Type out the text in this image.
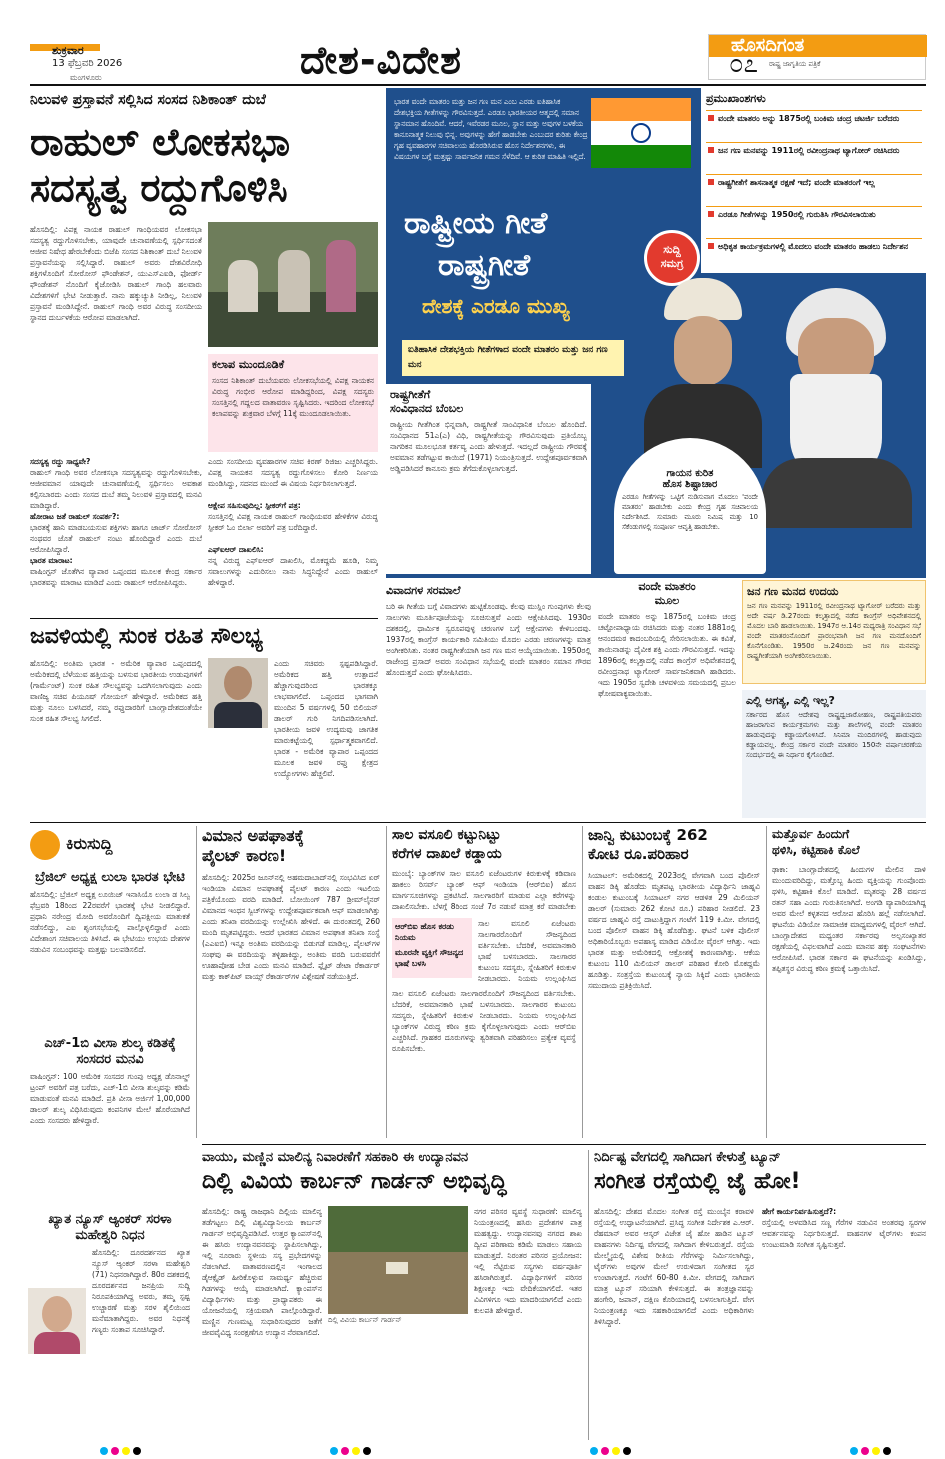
ಶುಕ್ರವಾರ
13 ಫೆಬ್ರವರಿ 2026
ಮಂಗಳೂರು	ದೇಶ-ವಿದೇಶ	ಹೊಸದಿಗಂತ
ರಾಷ್ಟ್ರ ಜಾಗೃತಿಯ ಪತ್ರಿಕೆ
೦೭
ನಿಲುವಳಿ ಪ್ರಸ್ತಾವನೆ ಸಲ್ಲಿಸಿದ ಸಂಸದ ನಿಶಿಕಾಂತ್ ದುಬೆ
ರಾಹುಲ್ ಲೋಕಸಭಾ
ಸದಸ್ಯತ್ವ ರದ್ದುಗೊಳಿಸಿ
ಹೊಸದಿಲ್ಲಿ: ವಿಪಕ್ಷ ನಾಯಕ ರಾಹುಲ್ ಗಾಂಧಿಯವರ ಲೋಕಸಭಾ ಸದಸ್ಯತ್ವ ರದ್ದುಗೊಳಿಸಬೇಕು, ಯಾವುದೇ ಚುನಾವಣೆಯಲ್ಲಿ ಸ್ಪರ್ಧಿಸದಂತೆ ಆಜೀವ ನಿಷೇಧ ಹೇರಬೇಕೆಂದು ಬಿಜೆಪಿ ಸಂಸದ ನಿಶಿಕಾಂತ್ ದುಬೆ ನಿಲುವಳಿ ಪ್ರಸ್ತಾವನೆಯನ್ನು ಸಲ್ಲಿಸಿದ್ದಾರೆ. ರಾಹುಲ್ ಅವರು ದೇಶವಿರೋಧಿ ಶಕ್ತಿಗಳೊಂದಿಗೆ ಸೋರೋಸ್ ಫೌಂಡೇಶನ್, ಯುಎಸ್‌ಎಐಡಿ, ಫೋರ್ಡ್ ಫೌಂಡೇಶನ್ ನೊಂದಿಗೆ ಕೈಜೋಡಿಸಿ ರಾಹುಲ್ ಗಾಂಧಿ ಹಲವಾರು ವಿದೇಶಗಳಿಗೆ ಭೇಟಿ ನೀಡುತ್ತಾರೆ. ನಾನು ಹಕ್ಕುಚ್ಯುತಿ ನೀಡಿಲ್ಲ, ನಿಲುವಳಿ ಪ್ರಸ್ತಾವನೆ ಮಂಡಿಸಿದ್ದೇನೆ. ರಾಹುಲ್ ಗಾಂಧಿ ಅವರ ವಿರುದ್ಧ ಸಂಸದೀಯ ಸ್ಥಾನದ ದುರ್ಬಳಕೆಯ ಆರೋಪ ಮಾಡಲಾಗಿದೆ.
ಕಲಾಪ ಮುಂದೂಡಿಕೆ
ಸಂಸದ ನಿಶಿಕಾಂತ್ ದುಬೆಯವರು ಲೋಕಸಭೆಯಲ್ಲಿ ವಿಪಕ್ಷ ನಾಯಕನ ವಿರುದ್ಧ ಗಂಭೀರ ಆರೋಪ ಮಾಡಿದ್ದರಿಂದ, ವಿಪಕ್ಷ ಸದಸ್ಯರು ಸಂಸತ್ತಿನಲ್ಲಿ ಗದ್ದಲದ ವಾತಾವರಣ ಸೃಷ್ಟಿಸಿದರು. ಇದರಿಂದ ಲೋಕಸಭೆ ಕಲಾಪವನ್ನು ಶುಕ್ರವಾರ ಬೆಳಗ್ಗೆ 11ಕ್ಕೆ ಮುಂದೂಡಲಾಯಿತು.
ಸದಸ್ಯತ್ವ ರದ್ದು ಸಾಧ್ಯವೇ?
ರಾಹುಲ್ ಗಾಂಧಿ ಅವರ ಲೋಕಸಭಾ ಸದಸ್ಯತ್ವವನ್ನು ರದ್ದುಗೊಳಿಸಬೇಕು, ಆಜೀವಮಾನ ಯಾವುದೇ ಚುನಾವಣೆಯಲ್ಲಿ ಸ್ಪರ್ಧಿಸಲು ಅವಕಾಶ ಕಲ್ಪಿಸಬಾರದು ಎಂದು ಸಂಸದ ದುಬೆ ತಮ್ಮ ನಿಲುವಳಿ ಪ್ರಸ್ತಾವದಲ್ಲಿ ಮನವಿ ಮಾಡಿದ್ದಾರೆ.
ಹೋರಾಟ ಜತೆ ರಾಹುಲ್ ಸಂಪರ್ಕ?:
ಭಾರತಕ್ಕೆ ಹಾನಿ ಮಾಡಬಯಸುವ ಶಕ್ತಿಗಳು ಹಾಗೂ ಜಾರ್ಜ್ ಸೋರೋಸ್ ನಂಥವರ ಜೊತೆ ರಾಹುಲ್ ನಂಟು ಹೊಂದಿದ್ದಾರೆ ಎಂದು ದುಬೆ ಆರೋಪಿಸಿದ್ದಾರೆ.
ಭಾರತ ಮಾರಾಟ:
ವಾಷಿಂಗ್ಟನ್ ಜೊತೆಗಿನ ವ್ಯಾಪಾರ ಒಪ್ಪಂದದ ಮೂಲಕ ಕೇಂದ್ರ ಸರ್ಕಾರ ಭಾರತವನ್ನು ಮಾರಾಟ ಮಾಡಿದೆ ಎಂದು ರಾಹುಲ್ ಆರೋಪಿಸಿದ್ದರು.
ಎಂದು ಸಂಸದೀಯ ವ್ಯವಹಾರಗಳ ಸಚಿವ ಕಿರಣ್ ರಿಜಿಜು ಎಚ್ಚರಿಸಿದ್ದರು. ವಿಪಕ್ಷ ನಾಯಕನ ಸದಸ್ಯತ್ವ ರದ್ದುಗೊಳಿಸಲು ಕೋರಿ ನಿರ್ಣಯ ಮಂಡಿಸಿದ್ದು, ಸದನದ ಮುಂದೆ ಈ ವಿಷಯ ನಿರ್ಧರಿಸಲಾಗುತ್ತದೆ.
ಆಕ್ಷೇಪ ಸಹಿಸುವುದಿಲ್ಲ: ಸ್ಪೀಕರ್‌ಗೆ ಪತ್ರ:
ಸಂಸತ್ತಿನಲ್ಲಿ ವಿಪಕ್ಷ ನಾಯಕ ರಾಹುಲ್ ಗಾಂಧಿಯವರ ಹೇಳಿಕೆಗಳ ವಿರುದ್ಧ ಸ್ಪೀಕರ್ ಓಂ ಬಿರ್ಲಾ ಅವರಿಗೆ ಪತ್ರ ಬರೆದಿದ್ದಾರೆ.
ಎಫ್‌ಐಆರ್ ದಾಖಲಿಸಿ:
ನನ್ನ ವಿರುದ್ಧ ಎಫ್‌ಐಆರ್ ದಾಖಲಿಸಿ, ಮೊಕದ್ದಮೆ ಹೂಡಿ, ನಿಮ್ಮ ಸವಾಲುಗಳನ್ನು ಎದುರಿಸಲು ನಾನು ಸಿದ್ಧನಿದ್ದೇನೆ ಎಂದು ರಾಹುಲ್ ಹೇಳಿದ್ದಾರೆ.
ಜವಳಿಯಲ್ಲಿ ಸುಂಕ ರಹಿತ ಸೌಲಭ್ಯ
ಹೊಸದಿಲ್ಲಿ: ಅಂತಿಮ ಭಾರತ - ಅಮೆರಿಕ ವ್ಯಾಪಾರ ಒಪ್ಪಂದದಲ್ಲಿ ಅಮೆರಿಕದಲ್ಲಿ ಬೆಳೆಯುವ ಹತ್ತಿಯನ್ನು ಬಳಸುವ ಭಾರತೀಯ ಉಡುಪುಗಳಿಗೆ (ಗಾರ್ಮೆಂಟ್) ಸುಂಕ ರಹಿತ ಸೌಲಭ್ಯವನ್ನು ಒದಗಿಸಲಾಗುವುದು ಎಂದು ವಾಣಿಜ್ಯ ಸಚಿವ ಪಿಯೂಷ್ ಗೋಯಲ್ ಹೇಳಿದ್ದಾರೆ. ಅಮೆರಿಕದ ಹತ್ತಿ ಮತ್ತು ನೂಲು ಬಳಸಿದರೆ, ನಮ್ಮ ರಫ್ತುದಾರರಿಗೆ ಬಾಂಗ್ಲಾದೇಶದಂತೆಯೇ ಸುಂಕ ರಹಿತ ಸೌಲಭ್ಯ ಸಿಗಲಿದೆ.
ಎಂದು ಸಚಿವರು ಸ್ಪಷ್ಟಪಡಿಸಿದ್ದಾರೆ. ಅಮೆರಿಕದ ಹತ್ತಿ ಉತ್ಪಾದನೆ ಹೆಚ್ಚಾಗುವುದರಿಂದ ಭಾರತಕ್ಕೂ ಲಾಭವಾಗಲಿದೆ. ಒಪ್ಪಂದದ ಭಾಗವಾಗಿ ಮುಂದಿನ 5 ವರ್ಷಗಳಲ್ಲಿ 50 ಬಿಲಿಯನ್ ಡಾಲರ್ ಗುರಿ ನಿಗದಿಪಡಿಸಲಾಗಿದೆ. ಭಾರತೀಯ ಜವಳಿ ಉದ್ಯಮವು ಜಾಗತಿಕ ಮಾರುಕಟ್ಟೆಯಲ್ಲಿ ಸ್ಪರ್ಧಾತ್ಮಕವಾಗಲಿದೆ. ಭಾರತ - ಅಮೆರಿಕ ವ್ಯಾಪಾರ ಒಪ್ಪಂದದ ಮೂಲಕ ಜವಳಿ ರಫ್ತು ಕ್ಷೇತ್ರದ ಉದ್ಯೋಗಗಳು ಹೆಚ್ಚಲಿವೆ.
ಭಾರತ ವಂದೇ ಮಾತರಂ ಮತ್ತು ಜನ ಗಣ ಮನ ಎಂಬ ಎರಡು ಐತಿಹಾಸಿಕ ದೇಶಭಕ್ತಿಯ ಗೀತೆಗಳನ್ನು ಗೌರವಿಸುತ್ತದೆ. ಎರಡೂ ಭಾರತೀಯರ ಆತ್ಮದಲ್ಲಿ ಸಮಾನ ಸ್ಥಾನಮಾನ ಹೊಂದಿವೆ. ಆದರೆ, ಇವೆರಡರ ಮೂಲ, ಸ್ಥಾನ ಮತ್ತು ಅವುಗಳ ಬಳಕೆಯ ಕಾನೂನಾತ್ಮಕ ನಿಲುವು ಭಿನ್ನ. ಅವುಗಳನ್ನು ಹೇಗೆ ಹಾಡಬೇಕು ಎಂಬುದರ ಕುರಿತು ಕೇಂದ್ರ ಗೃಹ ವ್ಯವಹಾರಗಳ ಸಚಿವಾಲಯ ಹೊರಡಿಸಿರುವ ಹೊಸ ನಿರ್ದೇಶನಗಳು, ಈ ವಿಷಯಗಳ ಬಗ್ಗೆ ಮತ್ತಷ್ಟು ಸಾರ್ವಜನಿಕ ಗಮನ ಸೆಳೆದಿವೆ. ಆ ಕುರಿತ ಮಾಹಿತಿ ಇಲ್ಲಿದೆ.
ರಾಷ್ಟ್ರೀಯ ಗೀತೆ
ರಾಷ್ಟ್ರಗೀತೆ
ದೇಶಕ್ಕೆ ಎರಡೂ ಮುಖ್ಯ
ಸುದ್ದಿ
ಸಮಗ್ರ
ಐತಿಹಾಸಿಕ ದೇಶಭಕ್ತಿಯ ಗೀತೆಗಳಾದ ವಂದೇ ಮಾತರಂ ಮತ್ತು ಜನ ಗಣ ಮನ
ಪ್ರಮುಖಾಂಶಗಳು
ವಂದೇ ಮಾತರಂ ಅನ್ನು 1875ರಲ್ಲಿ ಬಂಕಿಮ ಚಂದ್ರ ಚಟರ್ಜಿ ಬರೆದರು
ಜನ ಗಣ ಮನವನ್ನು 1911ರಲ್ಲಿ ರವೀಂದ್ರನಾಥ ಟ್ಯಾಗೋರ್ ರಚಿಸಿದರು
ರಾಷ್ಟ್ರಗೀತೆಗೆ ಶಾಸನಾತ್ಮಕ ರಕ್ಷಣೆ ಇದೆ; ವಂದೇ ಮಾತರಂಗೆ ಇಲ್ಲ
ಎರಡೂ ಗೀತೆಗಳನ್ನು 1950ರಲ್ಲಿ ಗುರುತಿಸಿ ಗೌರವಿಸಲಾಯಿತು
ಅಧಿಕೃತ ಕಾರ್ಯಕ್ರಮಗಳಲ್ಲಿ ಮೊದಲು ವಂದೇ ಮಾತರಂ ಹಾಡಲು ನಿರ್ದೇಶನ
ರಾಷ್ಟ್ರಗೀತೆಗೆ
ಸಂವಿಧಾನದ ಬೆಂಬಲ
ರಾಷ್ಟ್ರೀಯ ಗೀತೆಗಿಂತ ಭಿನ್ನವಾಗಿ, ರಾಷ್ಟ್ರಗೀತೆ ಸಾಂವಿಧಾನಿಕ ಬೆಂಬಲ ಹೊಂದಿದೆ. ಸಂವಿಧಾನದ 51ಎ(ಎ) ವಿಧಿ, ರಾಷ್ಟ್ರಗೀತೆಯನ್ನು ಗೌರವಿಸುವುದು ಪ್ರತಿಯೊಬ್ಬ ನಾಗರಿಕನ ಮೂಲಭೂತ ಕರ್ತವ್ಯ ಎಂದು ಹೇಳುತ್ತದೆ. ಇದಲ್ಲದೆ ರಾಷ್ಟ್ರೀಯ ಗೌರವಕ್ಕೆ ಅವಮಾನ ತಡೆಗಟ್ಟುವ ಕಾಯಿದೆ (1971) ನಿಯಂತ್ರಿಸುತ್ತದೆ. ಉದ್ದೇಶಪೂರ್ವಕವಾಗಿ ಅಡ್ಡಿಪಡಿಸಿದರೆ ಕಾನೂನು ಕ್ರಮ ತೆಗೆದುಕೊಳ್ಳಲಾಗುತ್ತದೆ.	ಗಾಯನ ಕುರಿತ
ಹೊಸ ಶಿಷ್ಟಾಚಾರ
ಎರಡೂ ಗೀತೆಗಳನ್ನು ಒಟ್ಟಿಗೆ ನುಡಿಸುವಾಗ ಮೊದಲು 'ವಂದೇ ಮಾತರಂ' ಹಾಡಬೇಕು ಎಂದು ಕೇಂದ್ರ ಗೃಹ ಸಚಿವಾಲಯ ನಿರ್ದೇಶಿಸಿದೆ. ಸುಮಾರು ಮೂರು ನಿಮಿಷ ಮತ್ತು 10 ಸೆಕೆಂಡುಗಳಲ್ಲಿ ಸಂಪೂರ್ಣ ಆವೃತ್ತಿ ಹಾಡಬೇಕು.
ವಿವಾದಗಳ ಸರಮಾಲೆ
ಬರಿ ಈ ಗೀತೆಯ ಬಗ್ಗೆ ವಿವಾದಗಳು ಹುಟ್ಟಿಕೊಂಡವು. ಕೆಲವು ಮುಸ್ಲಿಂ ಗುಂಪುಗಳು ಕೆಲವು ಸಾಲುಗಳು ಮೂರ್ತಿಪೂಜೆಯನ್ನು ಸೂಚಿಸುತ್ತವೆ ಎಂದು ಆಕ್ಷೇಪಿಸಿದವು. 1930ರ ದಶಕದಲ್ಲಿ, ಧಾರ್ಮಿಕ ಸ್ವರೂಪವುಳ್ಳ ಚರಣಗಳ ಬಗ್ಗೆ ಆಕ್ಷೇಪಗಳು ಕೇಳಿಬಂದವು. 1937ರಲ್ಲಿ ಕಾಂಗ್ರೆಸ್ ಕಾರ್ಯಕಾರಿ ಸಮಿತಿಯು ಮೊದಲ ಎರಡು ಚರಣಗಳನ್ನು ಮಾತ್ರ ಅಂಗೀಕರಿಸಿತು. ನಂತರ ರಾಷ್ಟ್ರಗೀತೆಯಾಗಿ ಜನ ಗಣ ಮನ ಆಯ್ಕೆಯಾಯಿತು. 1950ರಲ್ಲಿ ರಾಜೇಂದ್ರ ಪ್ರಸಾದ್ ಅವರು ಸಂವಿಧಾನ ಸಭೆಯಲ್ಲಿ ವಂದೇ ಮಾತರಂ ಸಮಾನ ಗೌರವ ಹೊಂದುತ್ತದೆ ಎಂದು ಘೋಷಿಸಿದರು.
ವಂದೇ ಮಾತರಂ
ಮೂಲ
ವಂದೇ ಮಾತರಂ ಅನ್ನು 1875ರಲ್ಲಿ ಬಂಕಿಮ ಚಂದ್ರ ಚಟ್ಟೋಪಾಧ್ಯಾಯ ರಚಿಸಿದರು ಮತ್ತು ನಂತರ 1881ರಲ್ಲಿ ಆನಂದಮಠ ಕಾದಂಬರಿಯಲ್ಲಿ ಸೇರಿಸಲಾಯಿತು. ಈ ಕವಿತೆ, ತಾಯಿನಾಡನ್ನು ದೈವೀಕ ಶಕ್ತಿ ಎಂದು ಗೌರವಿಸುತ್ತದೆ. ಇದನ್ನು 1896ರಲ್ಲಿ ಕಲ್ಕತ್ತಾದಲ್ಲಿ ನಡೆದ ಕಾಂಗ್ರೆಸ್ ಅಧಿವೇಶನದಲ್ಲಿ ರವೀಂದ್ರನಾಥ ಟ್ಯಾಗೋರ್ ಸಾರ್ವಜನಿಕವಾಗಿ ಹಾಡಿದರು. ಇದು 1905ರ ಸ್ವದೇಶಿ ಚಳವಳಿಯ ಸಮಯದಲ್ಲಿ ಪ್ರಬಲ ಘೋಷವಾಕ್ಯವಾಯಿತು.
ಜನ ಗಣ ಮನದ ಉದಯ
ಜನ ಗಣ ಮನವನ್ನು 1911ರಲ್ಲಿ ರವೀಂದ್ರನಾಥ ಟ್ಯಾಗೋರ್ ಬರೆದರು ಮತ್ತು ಅದೇ ವರ್ಷ ಡಿ.27ರಂದು ಕಲ್ಕತ್ತಾದಲ್ಲಿ ನಡೆದ ಕಾಂಗ್ರೆಸ್ ಅಧಿವೇಶನದಲ್ಲಿ ಮೊದಲ ಬಾರಿ ಹಾಡಲಾಯಿತು. 1947ರ ಆ.14ರ ಮಧ್ಯರಾತ್ರಿ ಸಂವಿಧಾನ ಸಭೆ ವಂದೇ ಮಾತರಂನೊಂದಿಗೆ ಪ್ರಾರಂಭವಾಗಿ ಜನ ಗಣ ಮನದೊಂದಿಗೆ ಕೊನೆಗೊಂಡಿತು. 1950ರ ಜ.24ರಂದು ಜನ ಗಣ ಮನವನ್ನು ರಾಷ್ಟ್ರಗೀತೆಯಾಗಿ ಅಂಗೀಕರಿಸಲಾಯಿತು.
ಎಲ್ಲಿ ಅಗತ್ಯ, ಎಲ್ಲಿ ಇಲ್ಲ?
ಸರ್ಕಾರದ ಹೊಸ ಆದೇಶವು ರಾಷ್ಟ್ರಧ್ವಜಾರೋಹಣ, ರಾಷ್ಟ್ರಪತಿಯವರು ಹಾಜರಾಗುವ ಕಾರ್ಯಕ್ರಮಗಳು ಮತ್ತು ಶಾಲೆಗಳಲ್ಲಿ ವಂದೇ ಮಾತರಂ ಹಾಡುವುದನ್ನು ಕಡ್ಡಾಯಗೊಳಿಸಿದೆ. ಸಿನಿಮಾ ಮಂದಿರಗಳಲ್ಲಿ ಹಾಡುವುದು ಕಡ್ಡಾಯವಲ್ಲ. ಕೇಂದ್ರ ಸರ್ಕಾರ ವಂದೇ ಮಾತರಂ 150ನೇ ವರ್ಷಾಚರಣೆಯ ಸಂದರ್ಭದಲ್ಲಿ ಈ ನಿರ್ಧಾರ ಕೈಗೊಂಡಿದೆ.
ಕಿರುಸುದ್ದಿ
ಬ್ರೆಜಿಲ್ ಅಧ್ಯಕ್ಷ ಲುಲಾ ಭಾರತ ಭೇಟಿ
ಹೊಸದಿಲ್ಲಿ: ಬ್ರೆಜಿಲ್ ಅಧ್ಯಕ್ಷ ಲೂಯಿಜ್ ಇನಾಸಿಯೊ ಲುಲಾ ಡ ಸಿಲ್ವ ಫೆಬ್ರವರಿ 18ರಿಂದ 22ರವರೆಗೆ ಭಾರತಕ್ಕೆ ಭೇಟಿ ನೀಡಲಿದ್ದಾರೆ. ಪ್ರಧಾನಿ ನರೇಂದ್ರ ಮೋದಿ ಅವರೊಂದಿಗೆ ದ್ವಿಪಕ್ಷೀಯ ಮಾತುಕತೆ ನಡೆಸಲಿದ್ದು, ಎಐ ಶೃಂಗಸಭೆಯಲ್ಲಿ ಪಾಲ್ಗೊಳ್ಳಲಿದ್ದಾರೆ ಎಂದು ವಿದೇಶಾಂಗ ಸಚಿವಾಲಯ ತಿಳಿಸಿದೆ. ಈ ಭೇಟಿಯು ಉಭಯ ದೇಶಗಳ ನಡುವಿನ ಸಂಬಂಧವನ್ನು ಮತ್ತಷ್ಟು ಬಲಪಡಿಸಲಿದೆ.
ಎಚ್-1ಬಿ ವೀಸಾ ಶುಲ್ಕ ಕಡಿತಕ್ಕೆ ಸಂಸದರ ಮನವಿ
ವಾಷಿಂಗ್ಟನ್: 100 ಅಮೆರಿಕ ಸಂಸದರ ಗುಂಪು ಅಧ್ಯಕ್ಷ ಡೊನಾಲ್ಡ್ ಟ್ರಂಪ್ ಅವರಿಗೆ ಪತ್ರ ಬರೆದು, ಎಚ್-1ಬಿ ವೀಸಾ ಶುಲ್ಕವನ್ನು ಕಡಿಮೆ ಮಾಡುವಂತೆ ಮನವಿ ಮಾಡಿದೆ. ಪ್ರತಿ ವೀಸಾ ಅರ್ಜಿಗೆ 1,00,000 ಡಾಲರ್ ಶುಲ್ಕ ವಿಧಿಸಿರುವುದು ಕಂಪನಿಗಳ ಮೇಲೆ ಹೊರೆಯಾಗಿದೆ ಎಂದು ಸಂಸದರು ಹೇಳಿದ್ದಾರೆ.
ಖ್ಯಾತ ನ್ಯೂಸ್ ಆ್ಯಂಕರ್ ಸರಳಾ ಮಹೇಶ್ವರಿ ನಿಧನ
ಹೊಸದಿಲ್ಲಿ: ದೂರದರ್ಶನದ ಖ್ಯಾತ ನ್ಯೂಸ್ ಆ್ಯಂಕರ್ ಸರಳಾ ಮಹೇಶ್ವರಿ (71) ನಿಧನರಾಗಿದ್ದಾರೆ. 80ರ ದಶಕದಲ್ಲಿ ದೂರದರ್ಶನದ ಜನಪ್ರಿಯ ಸುದ್ದಿ ನಿರೂಪಕಿಯಾಗಿದ್ದ ಅವರು, ತಮ್ಮ ಸ್ಪಷ್ಟ ಉಚ್ಚಾರಣೆ ಮತ್ತು ಸರಳ ಶೈಲಿಯಿಂದ ಮನೆಮಾತಾಗಿದ್ದರು. ಅವರ ನಿಧನಕ್ಕೆ ಗಣ್ಯರು ಸಂತಾಪ ಸೂಚಿಸಿದ್ದಾರೆ.
ವಿಮಾನ ಅಪಘಾತಕ್ಕೆ
ಪೈಲಟ್ ಕಾರಣ!
ಹೊಸದಿಲ್ಲಿ: 2025ರ ಜೂನ್‌ನಲ್ಲಿ ಅಹಮದಾಬಾದ್‌ನಲ್ಲಿ ಸಂಭವಿಸಿದ ಏರ್ ಇಂಡಿಯಾ ವಿಮಾನ ಅಪಘಾತಕ್ಕೆ ಪೈಲಟ್ ಕಾರಣ ಎಂದು ಇಟಲಿಯ ಪತ್ರಿಕೆಯೊಂದು ವರದಿ ಮಾಡಿದೆ. ಬೋಯಿಂಗ್ 787 ಡ್ರೀಮ್‌ಲೈನರ್ ವಿಮಾನದ ಇಂಧನ ಸ್ವಿಚ್‌ಗಳನ್ನು ಉದ್ದೇಶಪೂರ್ವಕವಾಗಿ ಆಫ್ ಮಾಡಲಾಗಿತ್ತು ಎಂದು ತನಿಖಾ ವರದಿಯನ್ನು ಉಲ್ಲೇಖಿಸಿ ಹೇಳಿದೆ. ಈ ದುರಂತದಲ್ಲಿ 260 ಮಂದಿ ಮೃತಪಟ್ಟಿದ್ದರು. ಆದರೆ ಭಾರತದ ವಿಮಾನ ಅಪಘಾತ ತನಿಖಾ ಸಂಸ್ಥೆ (ಎಎಐಬಿ) ಇನ್ನೂ ಅಂತಿಮ ವರದಿಯನ್ನು ಬಿಡುಗಡೆ ಮಾಡಿಲ್ಲ. ಪೈಲಟ್‌ಗಳ ಸಂಘವು ಈ ವರದಿಯನ್ನು ತಳ್ಳಿಹಾಕಿದ್ದು, ಅಂತಿಮ ವರದಿ ಬರುವವರೆಗೆ ಊಹಾಪೋಹ ಬೇಡ ಎಂದು ಮನವಿ ಮಾಡಿದೆ. ಫ್ಲೈಟ್ ಡೇಟಾ ರೆಕಾರ್ಡರ್ ಮತ್ತು ಕಾಕ್‌ಪಿಟ್ ವಾಯ್ಸ್ ರೆಕಾರ್ಡರ್‌ಗಳ ವಿಶ್ಲೇಷಣೆ ನಡೆಯುತ್ತಿದೆ.
ಸಾಲ ವಸೂಲಿ ಕಟ್ಟುನಿಟ್ಟು
ಕರೆಗಳ ದಾಖಲೆ ಕಡ್ಡಾಯ
ಮುಂಬೈ: ಬ್ಯಾಂಕ್‌ಗಳ ಸಾಲ ವಸೂಲಿ ಏಜೆಂಟರುಗಳ ಕಿರುಕುಳಕ್ಕೆ ಕಡಿವಾಣ ಹಾಕಲು ರಿಸರ್ವ್ ಬ್ಯಾಂಕ್ ಆಫ್ ಇಂಡಿಯಾ (ಆರ್‌ಬಿಐ) ಹೊಸ ಮಾರ್ಗಸೂಚಿಗಳನ್ನು ಪ್ರಕಟಿಸಿದೆ. ಸಾಲಗಾರರಿಗೆ ಮಾಡುವ ಎಲ್ಲಾ ಕರೆಗಳನ್ನು ದಾಖಲಿಸಬೇಕು. ಬೆಳಗ್ಗೆ 8ರಿಂದ ಸಂಜೆ 7ರ ನಡುವೆ ಮಾತ್ರ ಕರೆ ಮಾಡಬೇಕು
ಆರ್‌ಬಿಐ ಹೊಸ ಕರಡು ನಿಯಮ
ಮೂರನೇ ವ್ಯಕ್ತಿಗೆ ಸೌಜನ್ಯದ ಭಾಷೆ ಬಳಸಿ
ಸಾಲ ವಸೂಲಿ ಏಜೆಂಟರು ಸಾಲಗಾರರೊಂದಿಗೆ ಸೌಜನ್ಯದಿಂದ ವರ್ತಿಸಬೇಕು. ಬೆದರಿಕೆ, ಅವಮಾನಕಾರಿ ಭಾಷೆ ಬಳಸಬಾರದು. ಸಾಲಗಾರರ ಕುಟುಂಬ ಸದಸ್ಯರು, ಸ್ನೇಹಿತರಿಗೆ ಕಿರುಕುಳ ನೀಡಬಾರದು. ನಿಯಮ ಉಲ್ಲಂಘಿಸಿದ
ಸಾಲ ವಸೂಲಿ ಏಜೆಂಟರು ಸಾಲಗಾರರೊಂದಿಗೆ ಸೌಜನ್ಯದಿಂದ ವರ್ತಿಸಬೇಕು. ಬೆದರಿಕೆ, ಅವಮಾನಕಾರಿ ಭಾಷೆ ಬಳಸಬಾರದು. ಸಾಲಗಾರರ ಕುಟುಂಬ ಸದಸ್ಯರು, ಸ್ನೇಹಿತರಿಗೆ ಕಿರುಕುಳ ನೀಡಬಾರದು. ನಿಯಮ ಉಲ್ಲಂಘಿಸಿದ ಬ್ಯಾಂಕ್‌ಗಳ ವಿರುದ್ಧ ಕಠಿಣ ಕ್ರಮ ಕೈಗೊಳ್ಳಲಾಗುವುದು ಎಂದು ಆರ್‌ಬಿಐ ಎಚ್ಚರಿಸಿದೆ. ಗ್ರಾಹಕರ ದೂರುಗಳನ್ನು ತ್ವರಿತವಾಗಿ ಪರಿಹರಿಸಲು ಪ್ರತ್ಯೇಕ ವ್ಯವಸ್ಥೆ ರೂಪಿಸಬೇಕು.
ಜಾನ್ವಿ ಕುಟುಂಬಕ್ಕೆ 262
ಕೋಟಿ ರೂ.ಪರಿಹಾರ
ಸಿಯಾಟಲ್: ಅಮೆರಿಕದಲ್ಲಿ 2023ರಲ್ಲಿ ವೇಗವಾಗಿ ಬಂದ ಪೊಲೀಸ್ ವಾಹನ ಡಿಕ್ಕಿ ಹೊಡೆದು ಮೃತಪಟ್ಟ ಭಾರತೀಯ ವಿದ್ಯಾರ್ಥಿನಿ ಜಾಹ್ನವಿ ಕಂಡುಲ ಕುಟುಂಬಕ್ಕೆ ಸಿಯಾಟಲ್ ನಗರ ಆಡಳಿತ 29 ಮಿಲಿಯನ್ ಡಾಲರ್ (ಸುಮಾರು 262 ಕೋಟಿ ರೂ.) ಪರಿಹಾರ ನೀಡಲಿದೆ. 23 ವರ್ಷದ ಜಾಹ್ನವಿ ರಸ್ತೆ ದಾಟುತ್ತಿದ್ದಾಗ ಗಂಟೆಗೆ 119 ಕಿ.ಮೀ. ವೇಗದಲ್ಲಿ ಬಂದ ಪೊಲೀಸ್ ವಾಹನ ಡಿಕ್ಕಿ ಹೊಡೆದಿತ್ತು. ಘಟನೆ ಬಳಿಕ ಪೊಲೀಸ್ ಅಧಿಕಾರಿಯೊಬ್ಬರು ಅಪಹಾಸ್ಯ ಮಾಡಿದ ವಿಡಿಯೋ ವೈರಲ್ ಆಗಿತ್ತು. ಇದು ಭಾರತ ಮತ್ತು ಅಮೆರಿಕದಲ್ಲಿ ಆಕ್ರೋಶಕ್ಕೆ ಕಾರಣವಾಗಿತ್ತು. ಆಕೆಯ ಕುಟುಂಬ 110 ಮಿಲಿಯನ್ ಡಾಲರ್ ಪರಿಹಾರ ಕೋರಿ ಮೊಕದ್ದಮೆ ಹೂಡಿತ್ತು. ಸಂತ್ರಸ್ತೆಯ ಕುಟುಂಬಕ್ಕೆ ನ್ಯಾಯ ಸಿಕ್ಕಿದೆ ಎಂದು ಭಾರತೀಯ ಸಮುದಾಯ ಪ್ರತಿಕ್ರಿಯಿಸಿದೆ.
ಮತ್ತೊರ್ವ ಹಿಂದುಗೆ
ಥಳಿಸಿ, ಕಟ್ಟಿಹಾಕಿ ಕೊಲೆ
ಢಾಕಾ: ಬಾಂಗ್ಲಾದೇಶದಲ್ಲಿ ಹಿಂದುಗಳ ಮೇಲಿನ ದಾಳಿ ಮುಂದುವರಿದಿದ್ದು, ಮತ್ತೊಬ್ಬ ಹಿಂದು ವ್ಯಕ್ತಿಯನ್ನು ಗುಂಪೊಂದು ಥಳಿಸಿ, ಕಟ್ಟಿಹಾಕಿ ಕೊಲೆ ಮಾಡಿದೆ. ಮೃತರನ್ನು 28 ವರ್ಷದ ರತನ್ ಸಹಾ ಎಂದು ಗುರುತಿಸಲಾಗಿದೆ. ಅಂಗಡಿ ವ್ಯಾಪಾರಿಯಾಗಿದ್ದ ಅವರ ಮೇಲೆ ಕಳ್ಳತನದ ಆರೋಪ ಹೊರಿಸಿ ಹಲ್ಲೆ ನಡೆಸಲಾಗಿದೆ. ಘಟನೆಯ ವಿಡಿಯೋ ಸಾಮಾಜಿಕ ಮಾಧ್ಯಮಗಳಲ್ಲಿ ವೈರಲ್ ಆಗಿದೆ. ಬಾಂಗ್ಲಾದೇಶದ ಮಧ್ಯಂತರ ಸರ್ಕಾರವು ಅಲ್ಪಸಂಖ್ಯಾತರ ರಕ್ಷಣೆಯಲ್ಲಿ ವಿಫಲವಾಗಿದೆ ಎಂದು ಮಾನವ ಹಕ್ಕು ಸಂಘಟನೆಗಳು ಆರೋಪಿಸಿವೆ. ಭಾರತ ಸರ್ಕಾರ ಈ ಘಟನೆಯನ್ನು ಖಂಡಿಸಿದ್ದು, ತಪ್ಪಿತಸ್ಥರ ವಿರುದ್ಧ ಕಠಿಣ ಕ್ರಮಕ್ಕೆ ಒತ್ತಾಯಿಸಿದೆ.
ವಾಯು, ಮಣ್ಣಿನ ಮಾಲಿನ್ಯ ನಿವಾರಣೆಗೆ ಸಹಕಾರಿ ಈ ಉದ್ಯಾನವನ
ದಿಲ್ಲಿ ವಿವಿಯ ಕಾರ್ಬನ್ ಗಾರ್ಡನ್ ಅಭಿವೃದ್ಧಿ
ಹೊಸದಿಲ್ಲಿ: ರಾಷ್ಟ್ರ ರಾಜಧಾನಿ ದಿಲ್ಲಿಯ ಮಾಲಿನ್ಯ ತಡೆಗಟ್ಟಲು ದಿಲ್ಲಿ ವಿಶ್ವವಿದ್ಯಾನಿಲಯ ಕಾರ್ಬನ್ ಗಾರ್ಡನ್ ಅಭಿವೃದ್ಧಿಪಡಿಸಿದೆ. ಉತ್ತರ ಕ್ಯಾಂಪಸ್‌ನಲ್ಲಿ ಈ ಹಸಿರು ಉದ್ಯಾನವನವನ್ನು ಸ್ಥಾಪಿಸಲಾಗಿದ್ದು, ಇಲ್ಲಿ ನೂರಾರು ಸ್ಥಳೀಯ ಸಸ್ಯ ಪ್ರಭೇದಗಳನ್ನು ನೆಡಲಾಗಿದೆ. ವಾತಾವರಣದಲ್ಲಿನ ಇಂಗಾಲದ ಡೈಆಕ್ಸೈಡ್ ಹೀರಿಕೊಳ್ಳುವ ಸಾಮರ್ಥ್ಯ ಹೆಚ್ಚಿರುವ ಗಿಡಗಳನ್ನು ಆಯ್ಕೆ ಮಾಡಲಾಗಿದೆ. ಕ್ಯಾಂಪಸ್‌ನ ವಿದ್ಯಾರ್ಥಿಗಳು ಮತ್ತು ಪ್ರಾಧ್ಯಾಪಕರು ಈ ಯೋಜನೆಯಲ್ಲಿ ಸಕ್ರಿಯವಾಗಿ ಪಾಲ್ಗೊಂಡಿದ್ದಾರೆ. ಮಣ್ಣಿನ ಗುಣಮಟ್ಟ ಸುಧಾರಿಸುವುದರ ಜತೆಗೆ ಜೀವವೈವಿಧ್ಯ ಸಂರಕ್ಷಣೆಗೂ ಉದ್ಯಾನ ನೆರವಾಗಲಿದೆ.
ದಿಲ್ಲಿ ವಿವಿಯ ಕಾರ್ಬನ್ ಗಾರ್ಡನ್
ನಗರ ಪರಿಸರ ವ್ಯವಸ್ಥೆ ಸುಧಾರಣೆ: ಮಾಲಿನ್ಯ ನಿಯಂತ್ರಣದಲ್ಲಿ ಹಸಿರು ಪ್ರದೇಶಗಳ ಪಾತ್ರ ಮಹತ್ವದ್ದು. ಉದ್ಯಾನವನವು ನಗರದ ಶಾಖ ದ್ವೀಪ ಪರಿಣಾಮ ಕಡಿಮೆ ಮಾಡಲು ಸಹಾಯ ಮಾಡುತ್ತದೆ. ನಿರಂತರ ಪರಿಸರ ಪ್ರಯೋಜನ: ಇಲ್ಲಿ ನೆಟ್ಟಿರುವ ಸಸ್ಯಗಳು ವರ್ಷಪೂರ್ತಿ ಹಸಿರಾಗಿರುತ್ತವೆ. ವಿದ್ಯಾರ್ಥಿಗಳಿಗೆ ಪರಿಸರ ಶಿಕ್ಷಣಕ್ಕೂ ಇದು ವೇದಿಕೆಯಾಗಲಿದೆ. ಇತರ ವಿವಿಗಳಿಗೂ ಇದು ಮಾದರಿಯಾಗಲಿದೆ ಎಂದು ಕುಲಪತಿ ಹೇಳಿದ್ದಾರೆ.
ನಿರ್ದಿಷ್ಟ ವೇಗದಲ್ಲಿ ಸಾಗಿದಾಗ ಕೇಳುತ್ತೆ ಟ್ಯೂನ್
ಸಂಗೀತ ರಸ್ತೆಯಲ್ಲಿ ಜೈ ಹೋ!
ಹೊಸದಿಲ್ಲಿ: ದೇಶದ ಮೊದಲ ಸಂಗೀತ ರಸ್ತೆ ಮುಂಬೈನ ಕರಾವಳಿ ರಸ್ತೆಯಲ್ಲಿ ಉದ್ಘಾಟನೆಯಾಗಿದೆ. ಪ್ರಸಿದ್ಧ ಸಂಗೀತ ನಿರ್ದೇಶಕ ಎ.ಆರ್. ರೆಹಮಾನ್ ಅವರ ಆಸ್ಕರ್ ವಿಜೇತ ಜೈ ಹೋ ಹಾಡಿನ ಟ್ಯೂನ್ ವಾಹನಗಳು ನಿರ್ದಿಷ್ಟ ವೇಗದಲ್ಲಿ ಸಾಗಿದಾಗ ಕೇಳಿಬರುತ್ತದೆ. ರಸ್ತೆಯ ಮೇಲ್ಮೈಯಲ್ಲಿ ವಿಶೇಷ ರೀತಿಯ ಗೆರೆಗಳನ್ನು ನಿರ್ಮಿಸಲಾಗಿದ್ದು, ಟೈರ್‌ಗಳು ಅವುಗಳ ಮೇಲೆ ಉರುಳಿದಾಗ ಸಂಗೀತದ ಸ್ವರ ಉಂಟಾಗುತ್ತದೆ. ಗಂಟೆಗೆ 60-80 ಕಿ.ಮೀ. ವೇಗದಲ್ಲಿ ಸಾಗಿದಾಗ ಮಾತ್ರ ಟ್ಯೂನ್ ಸರಿಯಾಗಿ ಕೇಳಿಸುತ್ತದೆ. ಈ ತಂತ್ರಜ್ಞಾನವನ್ನು ಹಂಗೇರಿ, ಜಪಾನ್, ದಕ್ಷಿಣ ಕೊರಿಯಾದಲ್ಲಿ ಬಳಸಲಾಗುತ್ತಿದೆ. ವೇಗ ನಿಯಂತ್ರಣಕ್ಕೂ ಇದು ಸಹಕಾರಿಯಾಗಲಿದೆ ಎಂದು ಅಧಿಕಾರಿಗಳು ತಿಳಿಸಿದ್ದಾರೆ.
ಹೇಗೆ ಕಾರ್ಯನಿರ್ವಹಿಸುತ್ತದೆ?:
ರಸ್ತೆಯಲ್ಲಿ ಅಳವಡಿಸಿದ ಸಣ್ಣ ಗೆರೆಗಳ ನಡುವಿನ ಅಂತರವು ಸ್ವರಗಳ ಆವರ್ತನವನ್ನು ನಿರ್ಧರಿಸುತ್ತದೆ. ವಾಹನಗಳ ಟೈರ್‌ಗಳು ಕಂಪನ ಉಂಟುಮಾಡಿ ಸಂಗೀತ ಸೃಷ್ಟಿಸುತ್ತವೆ.
